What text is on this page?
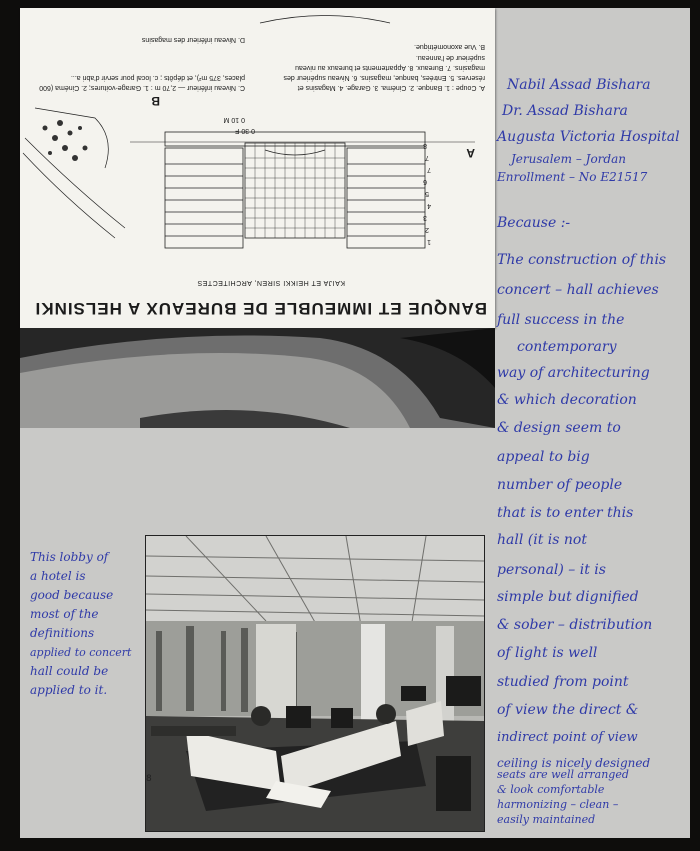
BANQUE ET IMMEUBLE DE BUREAUX A HELSINKI
KAIJA ET HEIKKI SIREN, ARCHITECTES
1
2
3
4
5
6
7
7
8
A
0 10 M
0 30 F
B
A. Coupe : 1. Banque. 2. Cinéma. 3. Garage. 4. Magasins et réserves. 5. Entrées, banque, magasins. 6. Niveau supérieur des magasins. 7. Bureaux. 8. Appartements et bureaux au niveau supérieur de l'anneau.
B. Vue axonométrique.
C. Niveau inférieur — 2,70 m : 1. Garage-voitures; 2. Cinéma (600 places, 375 m²), et dépôts ; c. local pour servir d'abri a...
D. Niveau inférieur des magasins
8
Nabil Assad Bishara
Dr. Assad Bishara
Augusta Victoria Hospital
Jerusalem – Jordan
Enrollment – No E21517
Because :-
The construction of this
concert – hall achieves
full success in the
contemporary
way of architecturing
& which decoration
& design seem to
appeal to big
number of people
that is to enter this
hall (it is not
personal) – it is
simple but dignified
& sober – distribution
of light is well
studied from point
of view the direct &
indirect point of view
ceiling is nicely designed
seats are well arranged
& look comfortable
harmonizing – clean –
easily maintained
This lobby of
a hotel is
good because
most of the
definitions
applied to concert
hall could be
applied to it.
